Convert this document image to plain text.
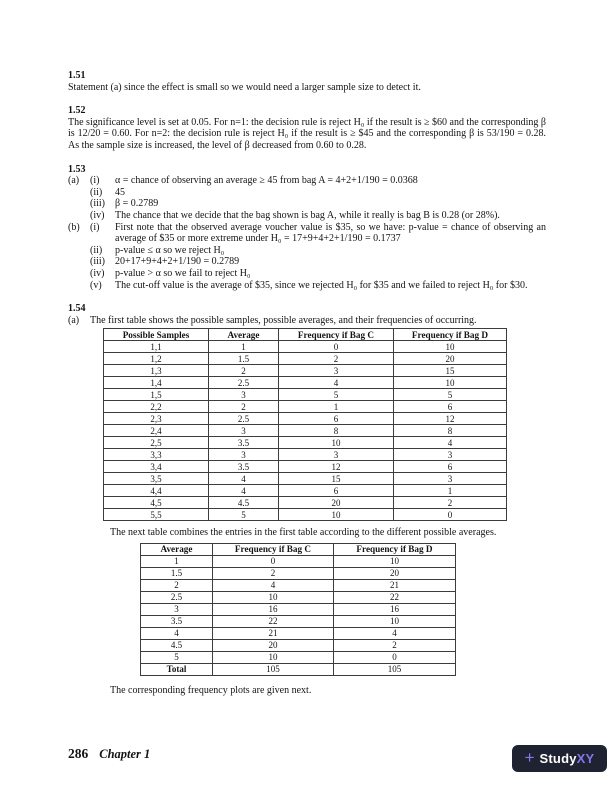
1.51
Statement (a) since the effect is small so we would need a larger sample size to detect it.
1.52
The significance level is set at 0.05. For n=1: the decision rule is reject H₀ if the result is ≥ $60 and the corresponding β is 12/20 = 0.60. For n=2: the decision rule is reject H₀ if the result is ≥ $45 and the corresponding β is 53/190 = 0.28. As the sample size is increased, the level of β decreased from 0.60 to 0.28.
1.53
(a)	(i)	α = chance of observing an average ≥ 45 from bag A = 4+2+1/190 = 0.0368
(ii)	45
(iii)	β = 0.2789
(iv)	The chance that we decide that the bag shown is bag A, while it really is bag B is 0.28 (or 28%).
(b)	(i)	First note that the observed average voucher value is $35, so we have: p-value = chance of observing an average of $35 or more extreme under H₀ = 17+9+4+2+1/190 = 0.1737
(ii)	p-value ≤ α so we reject H₀
(iii)	20+17+9+4+2+1/190 = 0.2789
(iv)	p-value > α so we fail to reject H₀
(v)	The cut-off value is the average of $35, since we rejected H₀ for $35 and we failed to reject H₀ for $30.
1.54
(a)	The first table shows the possible samples, possible averages, and their frequencies of occurring.
Possible Samples	Average	Frequency if Bag C	Frequency if Bag D
1,1	1	0	10
1,2	1.5	2	20
1,3	2	3	15
1,4	2.5	4	10
1,5	3	5	5
2,2	2	1	6
2,3	2.5	6	12
2,4	3	8	8
2,5	3.5	10	4
3,3	3	3	3
3,4	3.5	12	6
3,5	4	15	3
4,4	4	6	1
4,5	4.5	20	2
5,5	5	10	0
The next table combines the entries in the first table according to the different possible averages.
Average	Frequency if Bag C	Frequency if Bag D
1	0	10
1.5	2	20
2	4	21
2.5	10	22
3	16	16
3.5	22	10
4	21	4
4.5	20	2
5	10	0
Total	105	105
The corresponding frequency plots are given next.
286 Chapter 1	+ StudyXY
